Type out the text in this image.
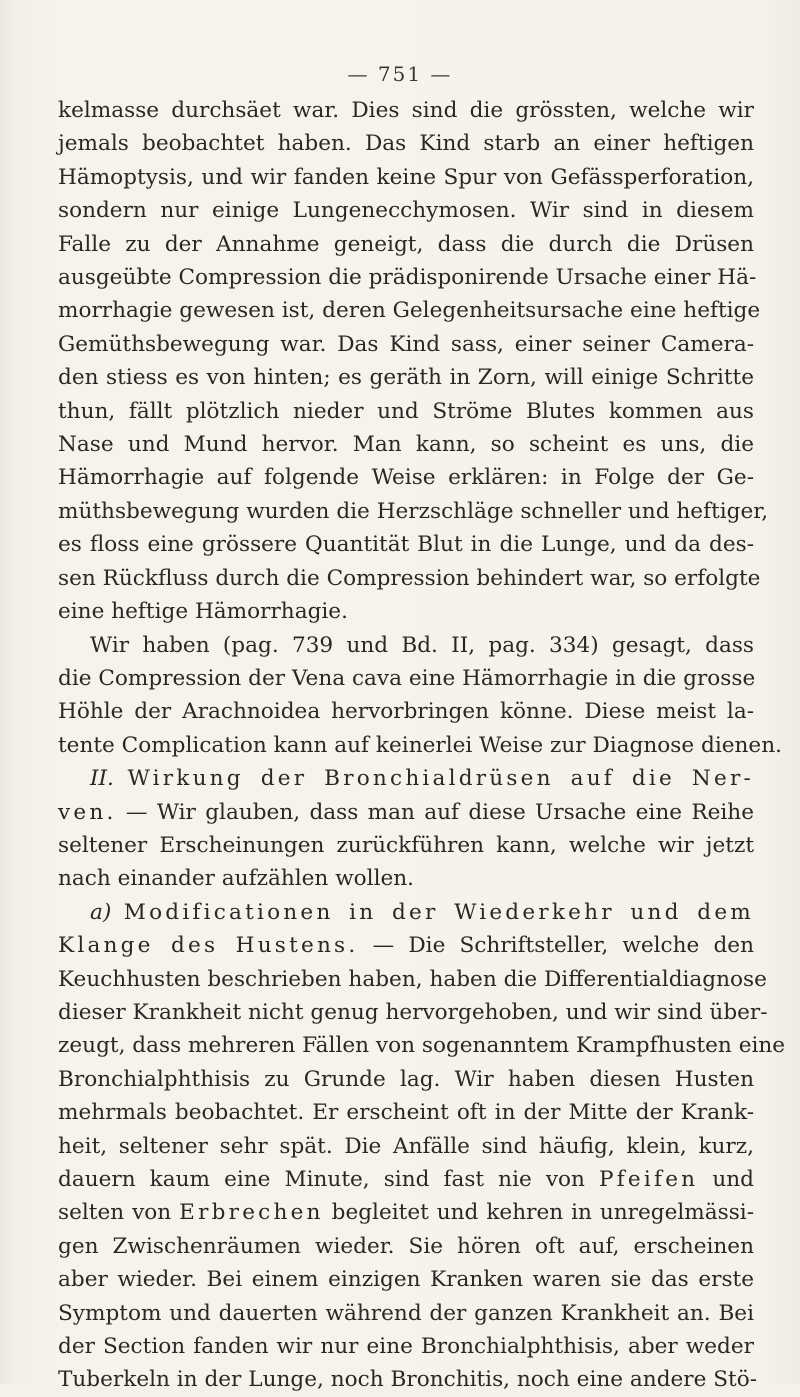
— 751 —
kelmasse durchsäet war. Dies sind die grössten, welche wir
jemals beobachtet haben. Das Kind starb an einer heftigen
Hämoptysis, und wir fanden keine Spur von Gefässperforation,
sondern nur einige Lungenecchymosen. Wir sind in diesem
Falle zu der Annahme geneigt, dass die durch die Drüsen
ausgeübte Compression die prädisponirende Ursache einer Hä-
morrhagie gewesen ist, deren Gelegenheitsursache eine heftige
Gemüthsbewegung war. Das Kind sass, einer seiner Camera-
den stiess es von hinten; es geräth in Zorn, will einige Schritte
thun, fällt plötzlich nieder und Ströme Blutes kommen aus
Nase und Mund hervor. Man kann, so scheint es uns, die
Hämorrhagie auf folgende Weise erklären: in Folge der Ge-
müthsbewegung wurden die Herzschläge schneller und heftiger,
es floss eine grössere Quantität Blut in die Lunge, und da des-
sen Rückfluss durch die Compression behindert war, so erfolgte
eine heftige Hämorrhagie.
Wir haben (pag. 739 und Bd. II, pag. 334) gesagt, dass
die Compression der Vena cava eine Hämorrhagie in die grosse
Höhle der Arachnoidea hervorbringen könne. Diese meist la-
tente Complication kann auf keinerlei Weise zur Diagnose dienen.
II. Wirkung der Bronchialdrüsen auf die Ner-
ven. — Wir glauben, dass man auf diese Ursache eine Reihe
seltener Erscheinungen zurückführen kann, welche wir jetzt
nach einander aufzählen wollen.
a) Modificationen in der Wiederkehr und dem
Klange des Hustens. — Die Schriftsteller, welche den
Keuchhusten beschrieben haben, haben die Differentialdiagnose
dieser Krankheit nicht genug hervorgehoben, und wir sind über-
zeugt, dass mehreren Fällen von sogenanntem Krampfhusten eine
Bronchialphthisis zu Grunde lag. Wir haben diesen Husten
mehrmals beobachtet. Er erscheint oft in der Mitte der Krank-
heit, seltener sehr spät. Die Anfälle sind häufig, klein, kurz,
dauern kaum eine Minute, sind fast nie von Pfeifen und
selten von Erbrechen begleitet und kehren in unregelmässi-
gen Zwischenräumen wieder. Sie hören oft auf, erscheinen
aber wieder. Bei einem einzigen Kranken waren sie das erste
Symptom und dauerten während der ganzen Krankheit an. Bei
der Section fanden wir nur eine Bronchialphthisis, aber weder
Tuberkeln in der Lunge, noch Bronchitis, noch eine andere Stö-
